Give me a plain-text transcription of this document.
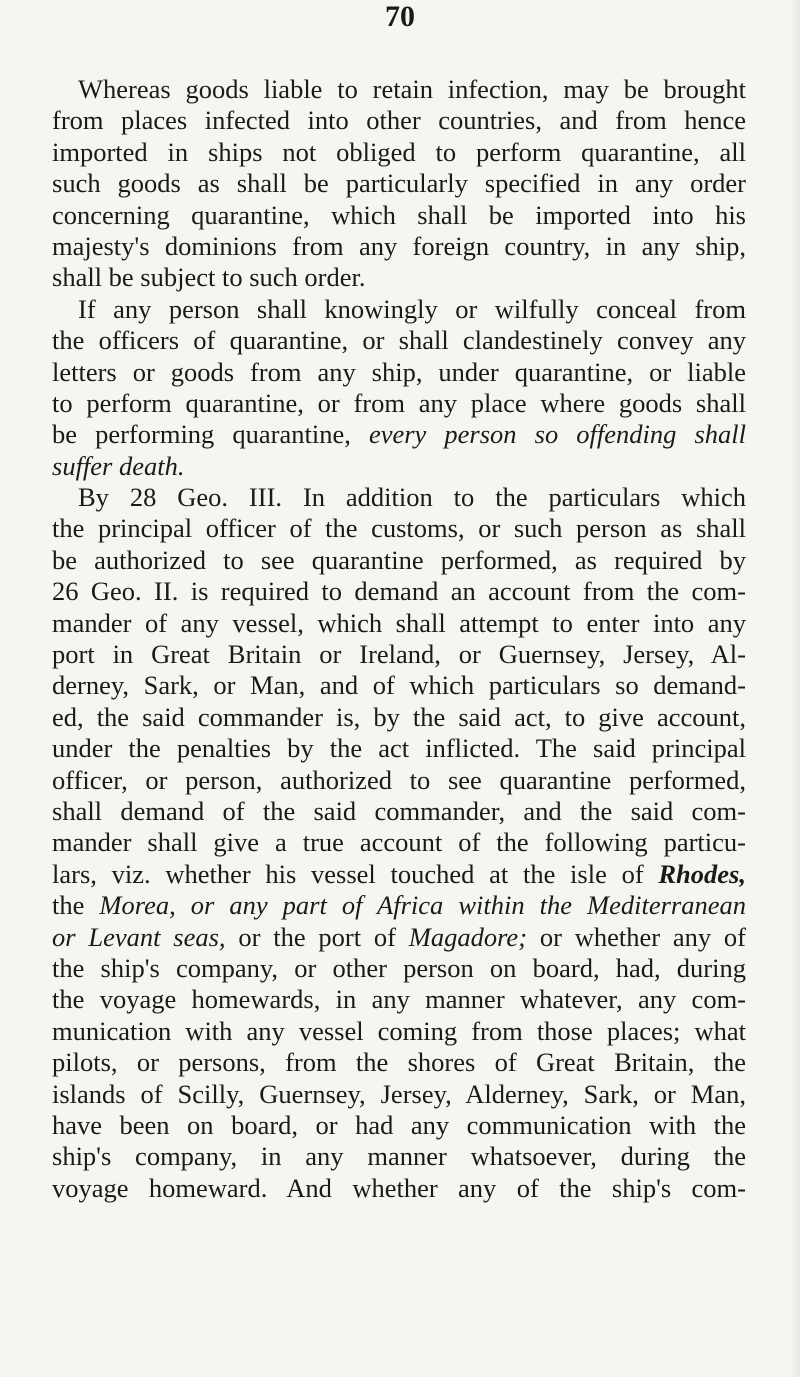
70
Whereas goods liable to retain infection, may be brought
from places infected into other countries, and from hence
imported in ships not obliged to perform quarantine, all
such goods as shall be particularly specified in any order
concerning quarantine, which shall be imported into his
majesty's dominions from any foreign country, in any ship,
shall be subject to such order.
If any person shall knowingly or wilfully conceal from
the officers of quarantine, or shall clandestinely convey any
letters or goods from any ship, under quarantine, or liable
to perform quarantine, or from any place where goods shall
be performing quarantine, every person so offending shall
suffer death.
By 28 Geo. III. In addition to the particulars which
the principal officer of the customs, or such person as shall
be authorized to see quarantine performed, as required by
26 Geo. II. is required to demand an account from the com-
mander of any vessel, which shall attempt to enter into any
port in Great Britain or Ireland, or Guernsey, Jersey, Al-
derney, Sark, or Man, and of which particulars so demand-
ed, the said commander is, by the said act, to give account,
under the penalties by the act inflicted. The said principal
officer, or person, authorized to see quarantine performed,
shall demand of the said commander, and the said com-
mander shall give a true account of the following particu-
lars, viz. whether his vessel touched at the isle of Rhodes,
the Morea, or any part of Africa within the Mediterranean
or Levant seas, or the port of Magadore; or whether any of
the ship's company, or other person on board, had, during
the voyage homewards, in any manner whatever, any com-
munication with any vessel coming from those places; what
pilots, or persons, from the shores of Great Britain, the
islands of Scilly, Guernsey, Jersey, Alderney, Sark, or Man,
have been on board, or had any communication with the
ship's company, in any manner whatsoever, during the
voyage homeward. And whether any of the ship's com-
